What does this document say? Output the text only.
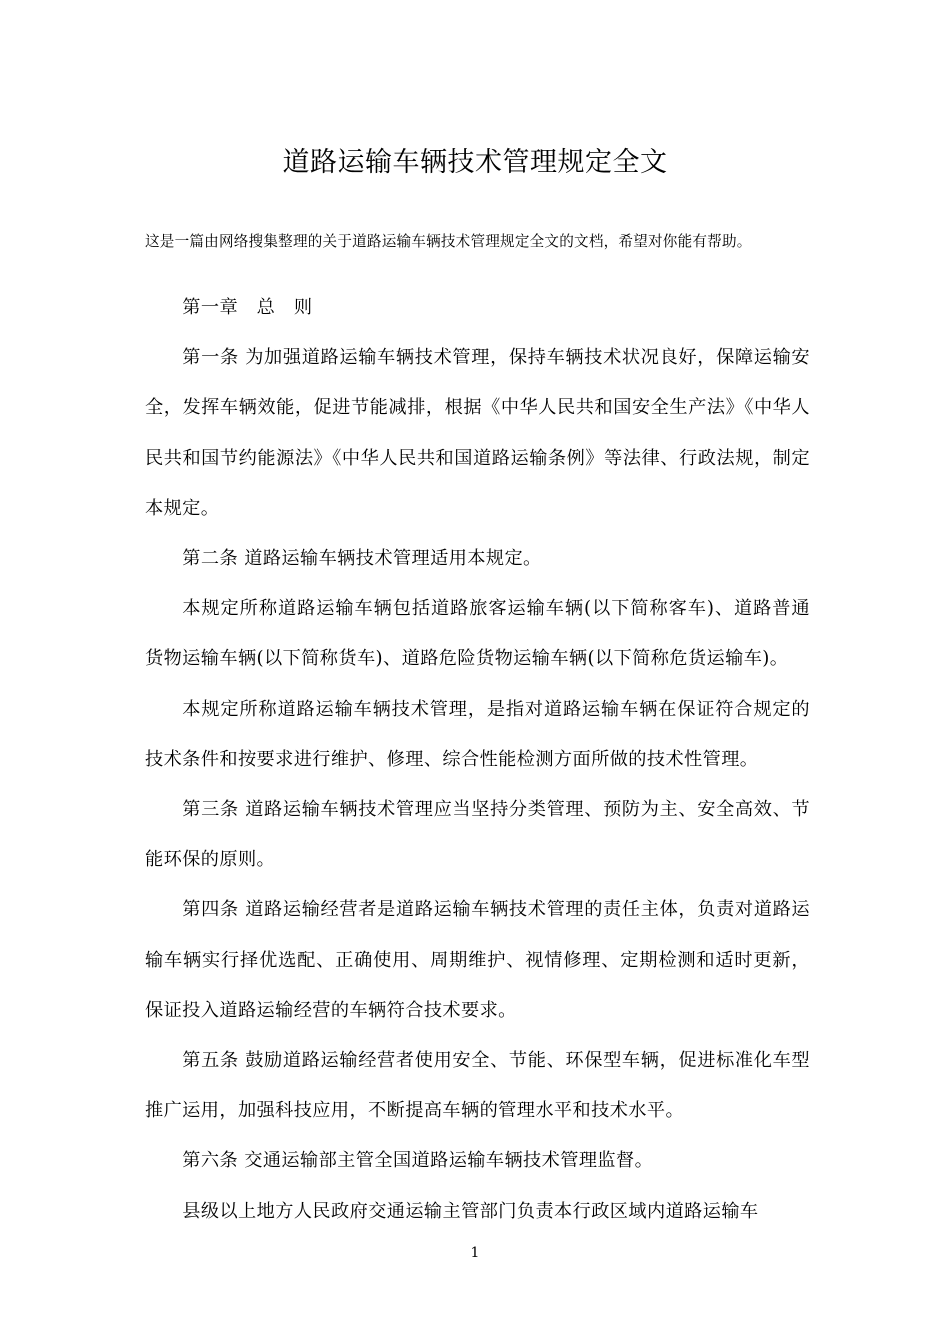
道路运输车辆技术管理规定全文
这是一篇由网络搜集整理的关于道路运输车辆技术管理规定全文的文档，希望对你能有帮助。

第一章　总　则

第一条 为加强道路运输车辆技术管理，保持车辆技术状况良好，保障运输安全，发挥车辆效能，促进节能减排，根据《中华人民共和国安全生产法》《中华人民共和国节约能源法》《中华人民共和国道路运输条例》等法律、行政法规，制定本规定。

第二条 道路运输车辆技术管理适用本规定。

本规定所称道路运输车辆包括道路旅客运输车辆(以下简称客车)、道路普通货物运输车辆(以下简称货车)、道路危险货物运输车辆(以下简称危货运输车)。

本规定所称道路运输车辆技术管理，是指对道路运输车辆在保证符合规定的技术条件和按要求进行维护、修理、综合性能检测方面所做的技术性管理。

第三条 道路运输车辆技术管理应当坚持分类管理、预防为主、安全高效、节能环保的原则。

第四条 道路运输经营者是道路运输车辆技术管理的责任主体，负责对道路运输车辆实行择优选配、正确使用、周期维护、视情修理、定期检测和适时更新，保证投入道路运输经营的车辆符合技术要求。

第五条 鼓励道路运输经营者使用安全、节能、环保型车辆，促进标准化车型推广运用，加强科技应用，不断提高车辆的管理水平和技术水平。

第六条 交通运输部主管全国道路运输车辆技术管理监督。

县级以上地方人民政府交通运输主管部门负责本行政区域内道路运输车

1
